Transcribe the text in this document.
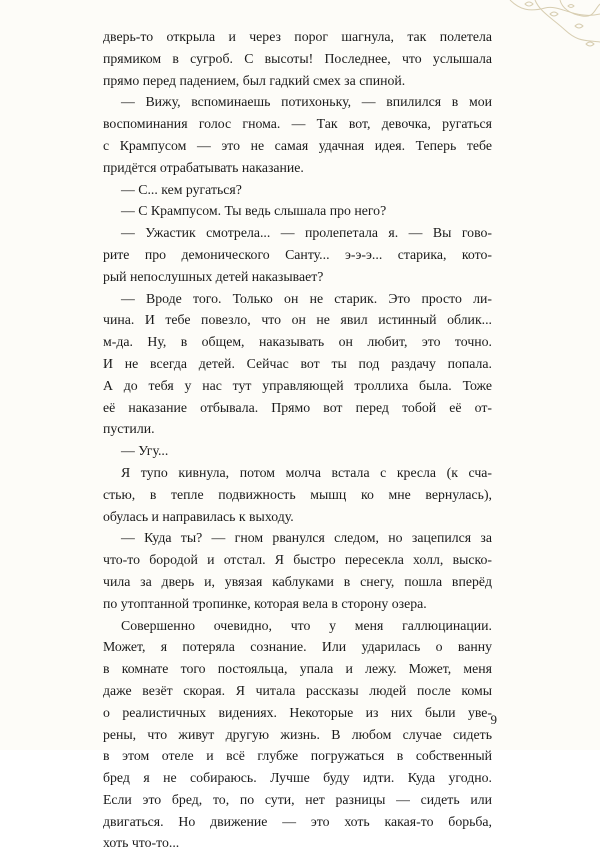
дверь-то открыла и через порог шагнула, так полетела

прямиком в сугроб. С высоты! Последнее, что услышала

прямо перед падением, был гадкий смех за спиной.

— Вижу, вспоминаешь потихоньку, — впилился в мои

воспоминания голос гнома. — Так вот, девочка, ругаться

с Крампусом — это не самая удачная идея. Теперь тебе

придётся отрабатывать наказание.

— С... кем ругаться?

— С Крампусом. Ты ведь слышала про него?

— Ужастик смотрела... — пролепетала я. — Вы гово-

рите про демонического Санту... э-э-э... старика, кото-

рый непослушных детей наказывает?

— Вроде того. Только он не старик. Это просто ли-

чина. И тебе повезло, что он не явил истинный облик...

м-да. Ну, в общем, наказывать он любит, это точно.

И не всегда детей. Сейчас вот ты под раздачу попала.

А до тебя у нас тут управляющей троллиха была. Тоже

её наказание отбывала. Прямо вот перед тобой её от-

пустили.

— Угу...

Я тупо кивнула, потом молча встала с кресла (к сча-

стью, в тепле подвижность мышц ко мне вернулась),

обулась и направилась к выходу.

— Куда ты? — гном рванулся следом, но зацепился за

что-то бородой и отстал. Я быстро пересекла холл, выско-

чила за дверь и, увязая каблуками в снегу, пошла вперёд

по утоптанной тропинке, которая вела в сторону озера.

Совершенно очевидно, что у меня галлюцинации.

Может, я потеряла сознание. Или ударилась о ванну

в комнате того постояльца, упала и лежу. Может, меня

даже везёт скорая. Я читала рассказы людей после комы

о реалистичных видениях. Некоторые из них были уве-

рены, что живут другую жизнь. В любом случае сидеть

в этом отеле и всё глубже погружаться в собственный

бред я не собираюсь. Лучше буду идти. Куда угодно.

Если это бред, то, по сути, нет разницы — сидеть или

двигаться. Но движение — это хоть какая-то борьба,

хоть что-то...

9
